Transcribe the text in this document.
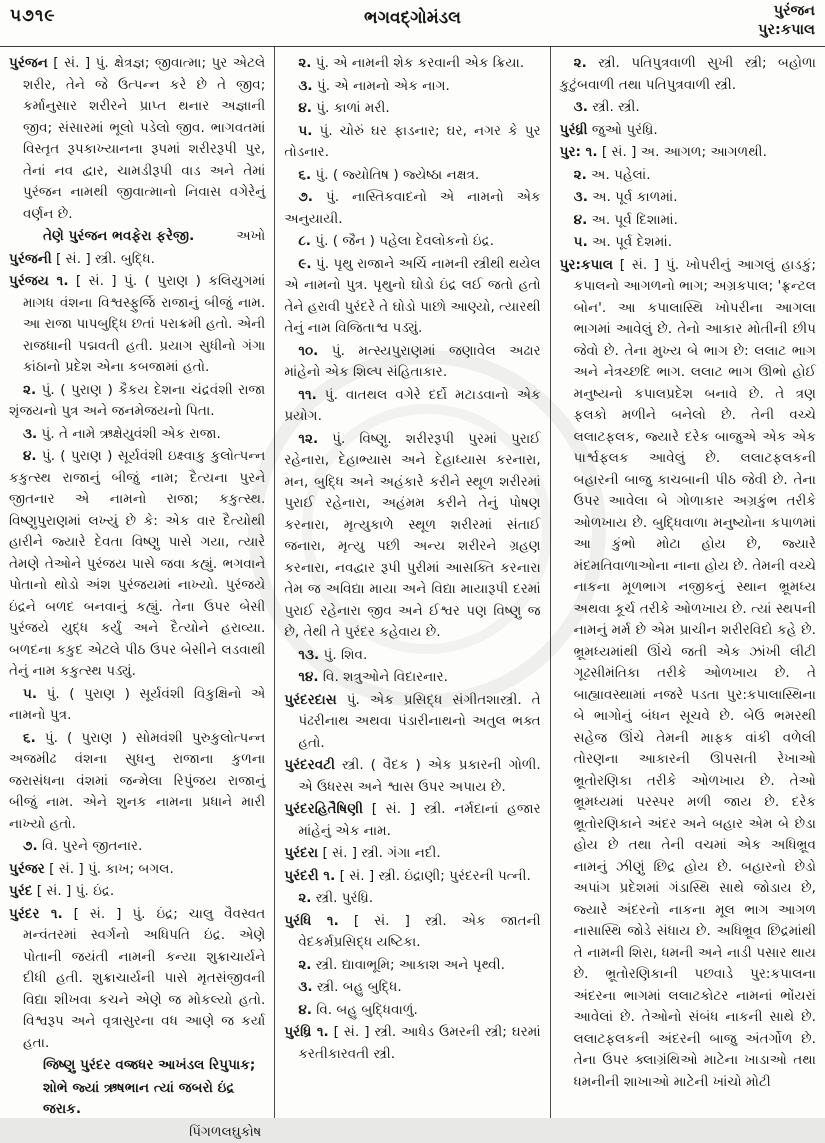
૫૭૧૯	ભગવદ્ગોમંડલ	પુરંજન
પુર:કપાલ
પુરંજન [ સં. ] પું. ક્ષેત્રજ્ઞ; જીવાત્મા; પુર એટલે શરીર, તેને જે ઉત્પન્ન કરે છે તે જીવ; કર્માનુસાર શરીરને પ્રાપ્ત થનાર અજ્ઞાની જીવ; સંસારમાં ભૂલો પડેલો જીવ. ભાગવતમાં વિસ્તૃત રૂપકાખ્યાનના રૂપમાં શરીરરૂપી પુર, તેનાં નવ દ્વાર, ચામડીરૂપી વાડ અને તેમાં પુરંજન નામથી જીવાત્માનો નિવાસ વગેરેનું વર્ણન છે.
અખો
તેણે પુરંજન ભવફેરા ફરેજી.
પુરંજની [ સં. ] સ્ત્રી. બુદ્ધિ.
પુરંજય ૧. [ સં. ] પું. ( પુરાણ ) કલિયુગમાં માગધ વંશના વિશ્વસ્ફુર્જિ રાજાનું બીજું નામ. આ રાજા પાપબુદ્ધિ છતાં પરાક્રમી હતો. એની રાજધાની પદ્મવતી હતી. પ્રયાગ સુધીનો ગંગા કાંઠાનો પ્રદેશ એના કબજામાં હતો.
૨. પું. ( પુરાણ ) કૈકય દેશના ચંદ્રવંશી રાજા શૃંજયનો પુત્ર અને જનમેજયનો પિતા.
૩. પું. તે નામે ઋક્ષેયુવંશી એક રાજા.
૪. પું. ( પુરાણ ) સૂર્યવંશી ઇક્ષ્વાકુ કુલોત્પન્ન કકુત્સ્થ રાજાનું બીજું નામ; દૈત્યના પુરને જીતનાર એ નામનો રાજા; કકુત્સ્થ. વિષ્ણુપુરાણમાં લખ્યું છે કે: એક વાર દૈત્યોથી હારીને જ્યારે દેવતા વિષ્ણુ પાસે ગયા, ત્યારે તેમણે તેઓને પુરંજય પાસે જવા કહ્યું. ભગવાને પોતાનો થોડો અંશ પુરંજયમાં નાખ્યો. પુરંજયે ઇંદ્રને બળદ બનવાનું કહ્યું. તેના ઉપર બેસી પુરંજયે યુદ્ધ કર્યું અને દૈત્યોને હરાવ્યા. બળદના કકુદ એટલે પીઠ ઉપર બેસીને લડવાથી તેનું નામ કકુત્સ્થ પડ્યું.
૫. પું. ( પુરાણ ) સૂર્યવંશી વિકુક્ષિનો એ નામનો પુત્ર.
૬. પું. ( પુરાણ ) સોમવંશી પુરુકુલોત્પન્ન અજમીઢ વંશના સુધનુ રાજાના કુળના જરાસંધના વંશમાં જન્મેલા રિપુંજય રાજાનું બીજું નામ. એને શુનક નામના પ્રધાને મારી નાખ્યો હતો.
૭. વિ. પુરને જીતનાર.
પુરંજર [ સં. ] પું. કાખ; બગલ.
પુરંદ [ સં. ] પું. ઇંદ્ર.
પુરંદર ૧. [ સં. ] પું. ઇંદ્ર; ચાલુ વૈવસ્વત મન્વંતરમાં સ્વર્ગનો અધિપતિ ઇંદ્ર. એણે પોતાની જયંતી નામની કન્યા શુક્રાચાર્યને દીધી હતી. શુક્રાચાર્યની પાસે મૃતસંજીવની વિદ્યા શીખવા કચને એણે જ મોકલ્યો હતો. વિશ્વરૂપ અને વૃત્રાસુરના વધ આણે જ કર્યા હતા.
જિષ્ણુ પુરંદર વજ્રધર આખંડલ રિપુપાક;
શોભે જ્યાં ઋષભાન ત્યાં જબરો ઇંદ્ર જરાક.
પિંગળલઘુકોષ
૨. પું. એ નામની શેક કરવાની એક ક્રિયા.
૩. પું. એ નામનો એક નાગ.
૪. પું. કાળાં મરી.
૫. પું. ચોરું ઘર ફાડનાર; ઘર, નગર કે પુર તોડનાર.
૬. પું. ( જ્યોતિષ ) જ્યેષ્ઠા નક્ષત્ર.
૭. પું. નાસ્તિકવાદનો એ નામનો એક અનુયાયી.
૮. પું. ( જૈન ) પહેલા દેવલોકનો ઇંદ્ર.
૯. પું. પૃથુ રાજાને અર્ચિ નામની સ્ત્રીથી થયેલ એ નામનો પુત્ર. પૃથુનો ઘોડો ઇંદ્ર લઈ જતો હતો તેને હરાવી પુરંદરે તે ઘોડો પાછો આણ્યો, ત્યારથી તેનું નામ વિજિતાશ્વ પડ્યું.
૧૦. પું. મત્સ્યપુરાણમાં જણાવેલ અઢાર માંહેનો એક શિલ્પ સંહિતાકાર.
૧૧. પું. વાતથલ વગેરે દર્દો મટાડવાનો એક પ્રયોગ.
૧૨. પું. વિષ્ણુ. શરીરરૂપી પુરમાં પુરાઈ રહેનારા, દેહાભ્યાસ અને દેહાધ્યાસ કરનારા, મન, બુદ્ધિ અને અહંકારે કરીને સ્થૂળ શરીરમાં પુરાઈ રહેનારા, અહંમમ કરીને તેનું પોષણ કરનારા, મૃત્યુકાળે સ્થૂળ શરીરમાં સંતાઈ જનારા, મૃત્યુ પછી અન્ય શરીરને ગ્રહણ કરનારા, નવદ્વાર રૂપી પુરીમાં આસક્તિ કરનારા તેમ જ અવિદ્યા માયા અને વિદ્યા માયારૂપી દરમાં પુરાઈ રહેનારા જીવ અને ઈશ્વર પણ વિષ્ણુ જ છે, તેથી તે પુરંદર કહેવાય છે.
૧૩. પું. શિવ.
૧૪. વિ. શત્રુઓને વિદારનાર.
પુરંદરદાસ પું. એક પ્રસિદ્ધ સંગીતશાસ્ત્રી. તે પંઢરીનાથ અથવા પંડારીનાથનો અતુલ ભક્ત હતો.
પુરંદરવટી સ્ત્રી. ( વૈદક ) એક પ્રકારની ગોળી. એ ઉધરસ અને શ્વાસ ઉપર અપાય છે.
પુરંદરહિતૈષિણી [ સં. ] સ્ત્રી. નર્મદાનાં હજાર માંહેનું એક નામ.
પુરંદરા [ સં. ] સ્ત્રી. ગંગા નદી.
પુરંદરી ૧. [ સં. ] સ્ત્રી. ઇંદ્રાણી; પુરંદરની પત્ની.
૨. સ્ત્રી. પુરંધ્રિ.
પુરંધિ ૧. [ સં. ] સ્ત્રી. એક જાતની વેદકર્મપ્રસિદ્ધ યષ્ટિકા.
૨. સ્ત્રી. દ્યાવાભૂમિ; આકાશ અને પૃથ્વી.
૩. સ્ત્રી. બહુ બુદ્ધિ.
૪. વિ. બહુ બુદ્ધિવાળું.
પુરંધ્રિ ૧. [ સં. ] સ્ત્રી. આધેડ ઉમરની સ્ત્રી; ઘરમાં કરતીકારવતી સ્ત્રી.
૨. સ્ત્રી. પતિપુત્રવાળી સુખી સ્ત્રી; બહોળા કુટુંબવાળી તથા પતિપુત્રવાળી સ્ત્રી.
૩. સ્ત્રી. સ્ત્રી.
પુરંધ્રી જુઓ પુરંધ્રિ.
પુર: ૧. [ સં. ] અ. આગળ; આગળથી.
૨. અ. પહેલાં.
૩. અ. પૂર્વ કાળમાં.
૪. અ. પૂર્વ દિશામાં.
૫. અ. પૂર્વ દેશમાં.
પુર:કપાલ [ સં. ] પું. ખોપરીનું આગલું હાડકું; કપાલનો આગળનો ભાગ; અગ્રકપાલ; 'ફ્રન્ટલ બોન'. આ કપાલાસ્થિ ખોપરીના આગલા ભાગમાં આવેલું છે. તેનો આકાર મોતીની છીપ જેવો છે. તેના મુખ્ય બે ભાગ છે: લલાટ ભાગ અને નેત્રચ્છદિ ભાગ. લલાટ ભાગ ઊભો હોઈ મનુષ્યનો કપાલપ્રદેશ બનાવે છે. તે ત્રણ ફલકો મળીને બનેલો છે. તેની વચ્ચે લલાટફલક, જ્યારે દરેક બાજુએ એક એક પાર્શ્વફલક આવેલું છે. લલાટફલકની બહારની બાજુ કાચબાની પીઠ જેવી છે. તેના ઉપર આવેલા બે ગોળાકાર અગ્રકુંભ તરીકે ઓળખાય છે. બુદ્ધિવાળા મનુષ્યોના કપાળમાં આ કુંભો મોટા હોય છે, જ્યારે મંદમતિવાળાઓના નાના હોય છે. તેમની વચ્ચે નાકના મૂળભાગ નજીકનું સ્થાન ભ્રૂમધ્ય અથવા કૂર્ચ તરીકે ઓળખાય છે. ત્યાં સ્થપની નામનું મર્મ છે એમ પ્રાચીન શરીરવિદો કહે છે. ભ્રૂમધ્યમાંથી ઊંચે જતી એક ઝાંખી લીટી ગૂઢસીમંતિકા તરીકે ઓળખાય છે. તે બાહ્યાવસ્થામાં નજરે પડતા પુર:કપાલાસ્થિના બે ભાગોનું બંધન સૂચવે છે. બેઉ ભમરથી સહેજ ઊંચે તેમની માફક વાંકી વળેલી તોરણના આકારની ઊપસતી રેખાઓ ભ્રૂતોરણિકા તરીકે ઓળખાય છે. તેઓ ભ્રૂમધ્યમાં પરસ્પર મળી જાય છે. દરેક ભ્રૂતોરણિકાને અંદર અને બહાર એમ બે છેડા હોય છે તથા તેની વચમાં એક અધિભ્રૂવ નામનું ઝીણું છિદ્ર હોય છે. બહારનો છેડો અપાંગ પ્રદેશમાં ગંડાસ્થિ સાથે જોડાય છે, જ્યારે અંદરનો નાકના મૂલ ભાગ આગળ નાસાસ્થિ જોડે સંધાય છે. અધિભ્રૂવ છિદ્રમાંથી તે નામની શિરા, ધમની અને નાડી પસાર થાય છે. ભ્રૂતોરણિકાની પછવાડે પુર:કપાલના અંદરના ભાગમાં લલાટકોટર નામનાં ભોંયરાં આવેલાં છે. તેઓનો સંબંધ નાકની સાથે છે. લલાટફલકની અંદરની બાજુ અંતર્ગોળ છે. તેના ઉપર ક્લાગ્રંથિઓ માટેના ખાડાઓ તથા ધમનીની શાખાઓ માટેની ખાંચો મોટી
